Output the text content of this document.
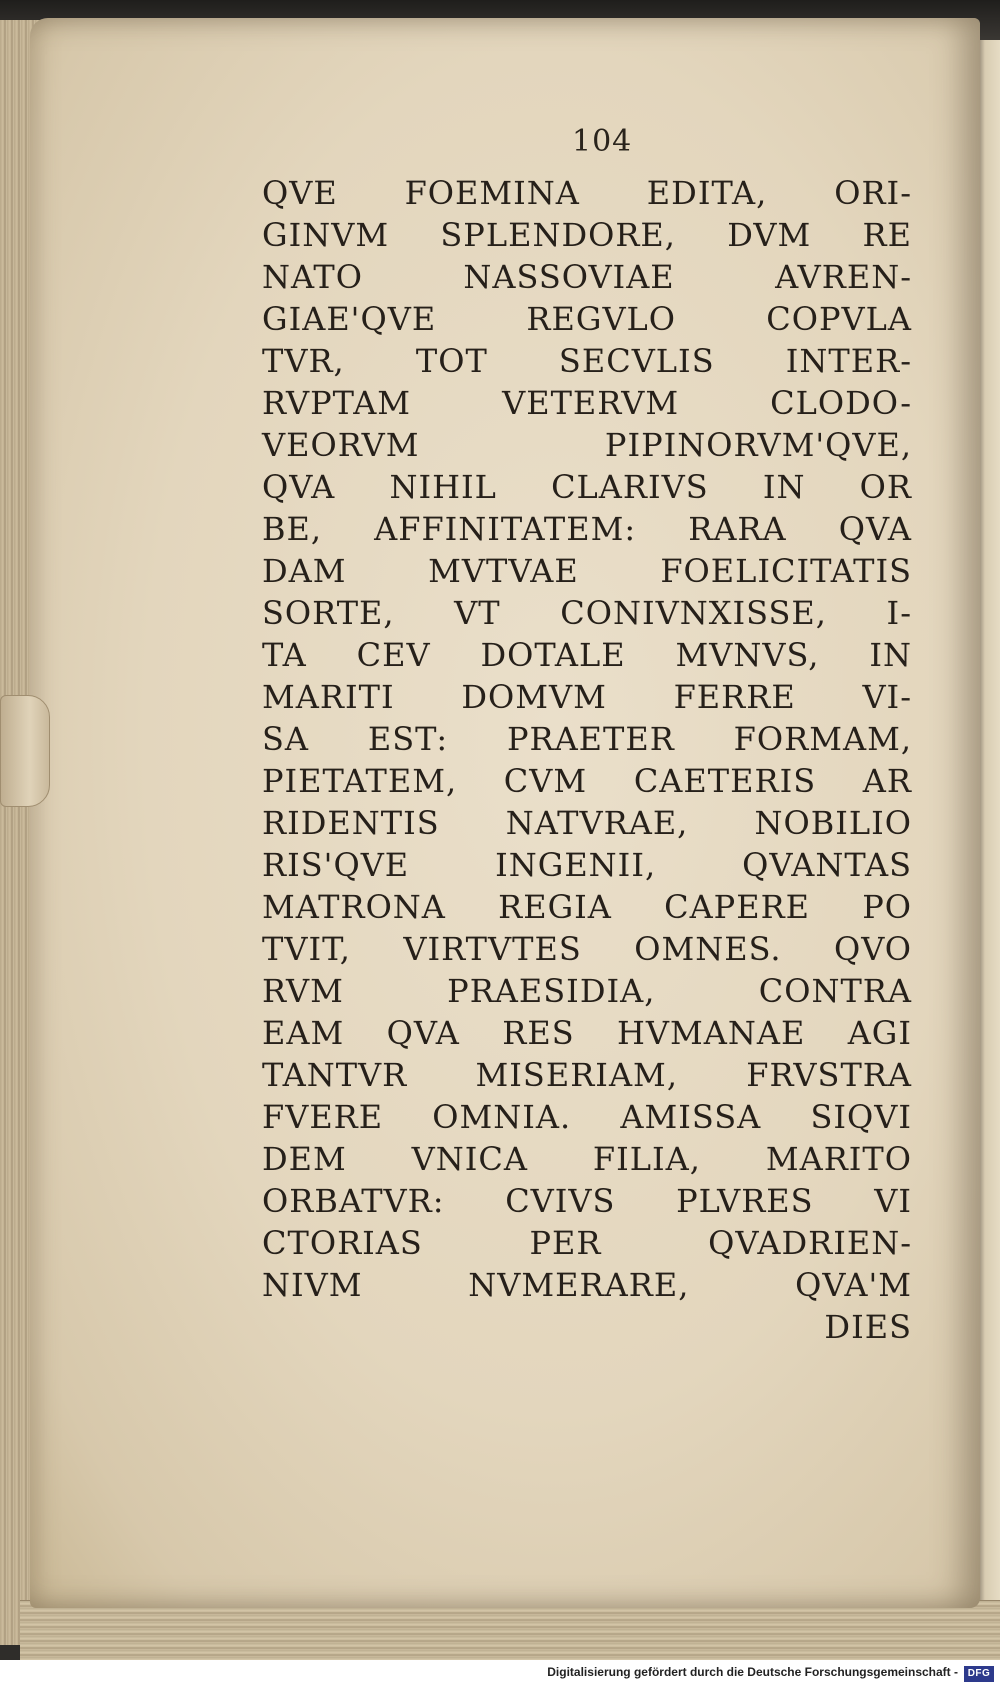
104
QVE FOEMINA EDITA, ORI-
GINVM SPLENDORE, DVM RE
NATO NASSOVIAE AVREN-
GIAE'QVE REGVLO COPVLA
TVR, TOT SECVLIS INTER-
RVPTAM VETERVM CLODO-
VEORVM PIPINORVM'QVE,
QVA NIHIL CLARIVS IN OR
BE, AFFINITATEM: RARA QVA
DAM MVTVAE FOELICITATIS
SORTE, VT CONIVNXISSE, I-
TA CEV DOTALE MVNVS, IN
MARITI DOMVM FERRE VI-
SA EST: PRAETER FORMAM,
PIETATEM, CVM CAETERIS AR
RIDENTIS NATVRAE, NOBILIO
RIS'QVE INGENII, QVANTAS
MATRONA REGIA CAPERE PO
TVIT, VIRTVTES OMNES. QVO
RVM PRAESIDIA, CONTRA
EAM QVA RES HVMANAE AGI
TANTVR MISERIAM, FRVSTRA
FVERE OMNIA. AMISSA SIQVI
DEM VNICA FILIA, MARITO
ORBATVR: CVIVS PLVRES VI
CTORIAS PER QVADRIEN-
NIVM NVMERARE, QVA'M
DIES
Digitalisierung gefördert durch die Deutsche Forschungsgemeinschaft - DFG
